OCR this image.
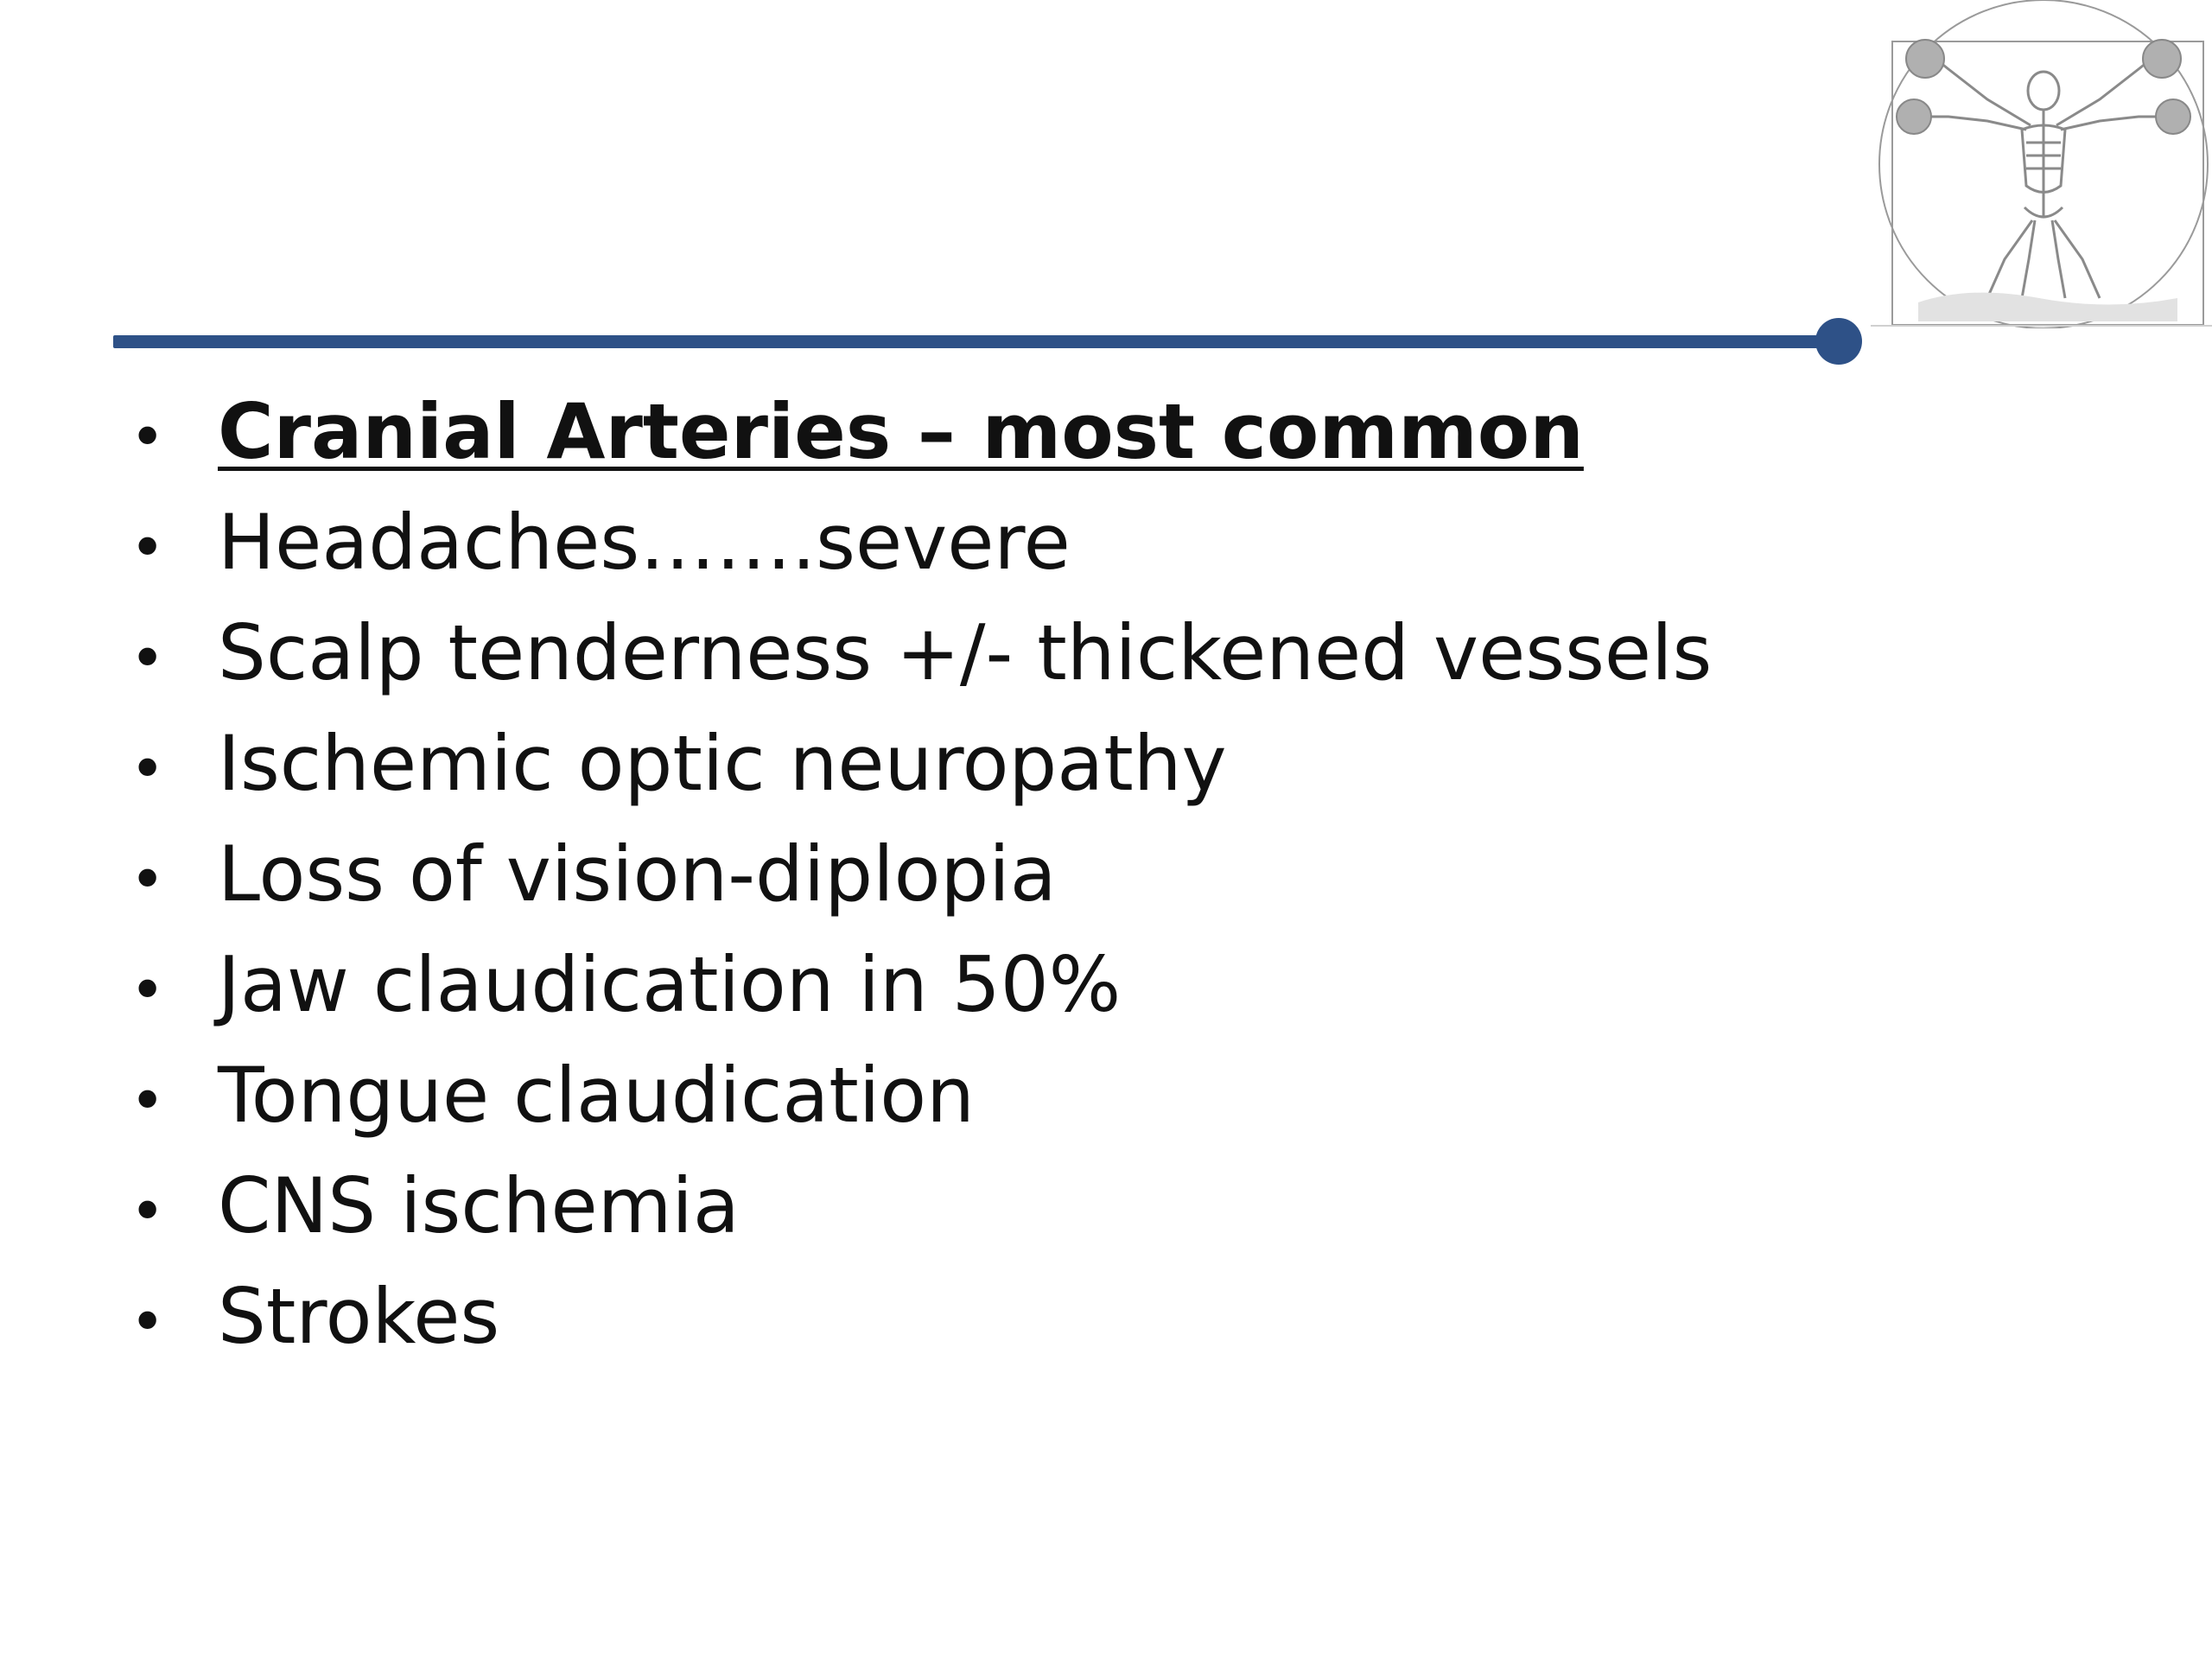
• Cranial Arteries – most common
• Headaches…….severe
• Scalp tenderness +/- thickened vessels
• Ischemic optic neuropathy
• Loss of vision-diplopia
• Jaw claudication in 50%
• Tongue claudication
• CNS ischemia
• Strokes
